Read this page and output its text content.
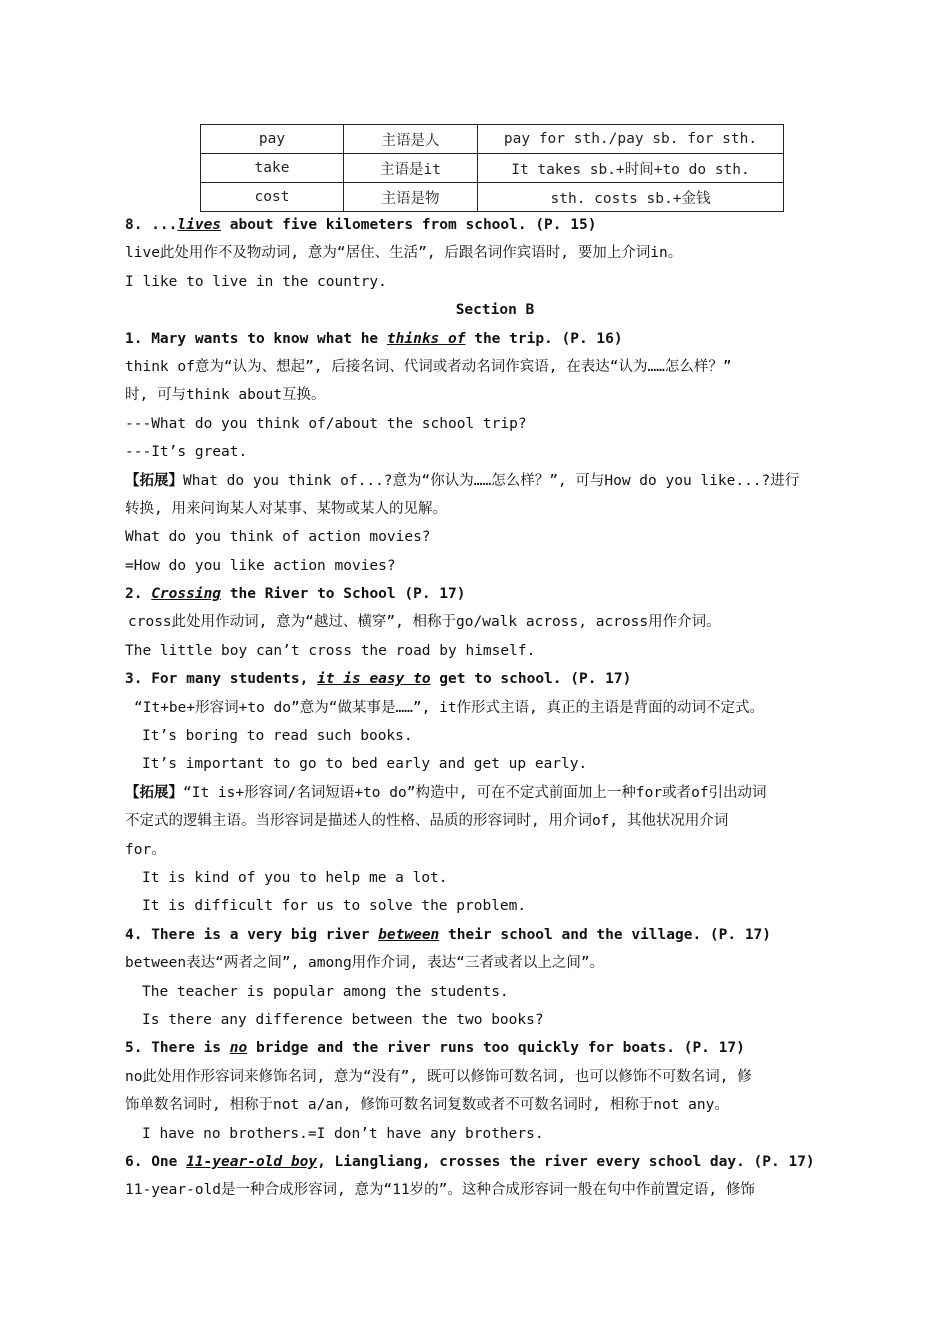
pay	主语是人	pay for sth./pay sb. for sth.
take	主语是it	It takes sb.+时间+to do sth.
cost	主语是物	sth. costs sb.+金钱
8. ...lives about five kilometers from school. (P. 15)
live此处用作不及物动词, 意为“居住、生活”, 后跟名词作宾语时, 要加上介词in。
I like to live in the country.
Section B
1. Mary wants to know what he thinks of the trip. (P. 16)
think of意为“认为、想起”, 后接名词、代词或者动名词作宾语, 在表达“认为……怎么样？”
时, 可与think about互换。
---What do you think of/about the school trip?
---It’s great.
【拓展】What do you think of...?意为“你认为……怎么样？”, 可与How do you like...?进行
转换, 用来问询某人对某事、某物或某人的见解。
What do you think of action movies?
=How do you like action movies?
2. Crossing the River to School (P. 17)
cross此处用作动词, 意为“越过、横穿”, 相称于go/walk across, across用作介词。
The little boy can’t cross the road by himself.
3. For many students, it is easy to get to school. (P. 17)
“It+be+形容词+to do”意为“做某事是……”, it作形式主语, 真正的主语是背面的动词不定式。
It’s boring to read such books.
It’s important to go to bed early and get up early.
【拓展】“It is+形容词/名词短语+to do”构造中, 可在不定式前面加上一种for或者of引出动词
不定式的逻辑主语。当形容词是描述人的性格、品质的形容词时, 用介词of, 其他状况用介词
for。
It is kind of you to help me a lot.
It is difficult for us to solve the problem.
4. There is a very big river between their school and the village. (P. 17)
between表达“两者之间”, among用作介词, 表达“三者或者以上之间”。
The teacher is popular among the students.
Is there any difference between the two books?
5. There is no bridge and the river runs too quickly for boats. (P. 17)
no此处用作形容词来修饰名词, 意为“没有”, 既可以修饰可数名词, 也可以修饰不可数名词, 修
饰单数名词时, 相称于not a/an, 修饰可数名词复数或者不可数名词时, 相称于not any。
I have no brothers.=I don’t have any brothers.
6. One 11-year-old boy, Liangliang, crosses the river every school day. (P. 17)
11-year-old是一种合成形容词, 意为“11岁的”。这种合成形容词一般在句中作前置定语, 修饰
